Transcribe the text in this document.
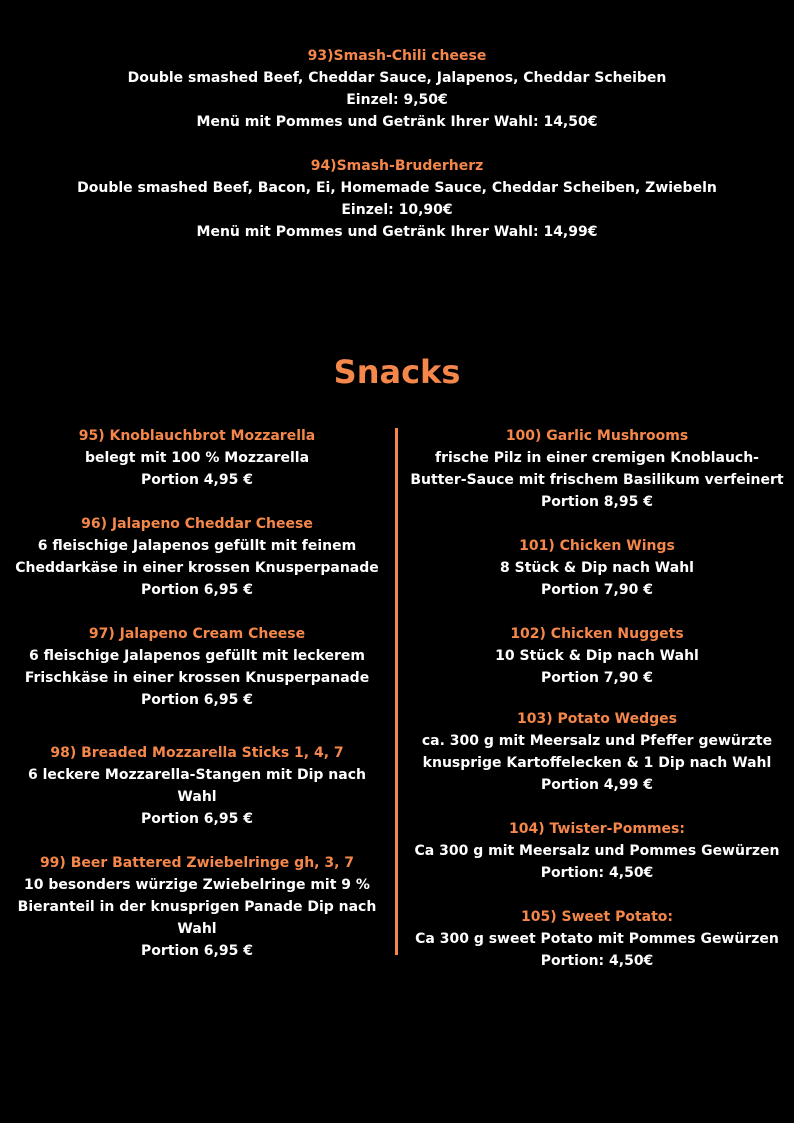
93)Smash-Chili cheese
Double smashed Beef, Cheddar Sauce, Jalapenos, Cheddar Scheiben
Einzel: 9,50€
Menü mit Pommes und Getränk Ihrer Wahl: 14,50€
94)Smash-Bruderherz
Double smashed Beef, Bacon, Ei, Homemade Sauce, Cheddar Scheiben, Zwiebeln
Einzel: 10,90€
Menü mit Pommes und Getränk Ihrer Wahl: 14,99€
Snacks
95) Knoblauchbrot Mozzarella
belegt mit 100 % Mozzarella
Portion 4,95 €
96) Jalapeno Cheddar Cheese
6 fleischige Jalapenos gefüllt mit feinem
Cheddarkäse in einer krossen Knusperpanade
Portion 6,95 €
97) Jalapeno Cream Cheese
6 fleischige Jalapenos gefüllt mit leckerem
Frischkäse in einer krossen Knusperpanade
Portion 6,95 €
98) Breaded Mozzarella Sticks 1, 4, 7
6 leckere Mozzarella-Stangen mit Dip nach
Wahl
Portion 6,95 €
99) Beer Battered Zwiebelringe gh, 3, 7
10 besonders würzige Zwiebelringe mit 9 %
Bieranteil in der knusprigen Panade Dip nach
Wahl
Portion 6,95 €
100) Garlic Mushrooms
frische Pilz in einer cremigen Knoblauch-
Butter-Sauce mit frischem Basilikum verfeinert
Portion 8,95 €
101) Chicken Wings
8 Stück & Dip nach Wahl
Portion 7,90 €
102) Chicken Nuggets
10 Stück & Dip nach Wahl
Portion 7,90 €
103) Potato Wedges
ca. 300 g mit Meersalz und Pfeffer gewürzte
knusprige Kartoffelecken & 1 Dip nach Wahl
Portion 4,99 €
104) Twister-Pommes:
Ca 300 g mit Meersalz und Pommes Gewürzen
Portion: 4,50€
105) Sweet Potato:
Ca 300 g sweet Potato mit Pommes Gewürzen
Portion: 4,50€
